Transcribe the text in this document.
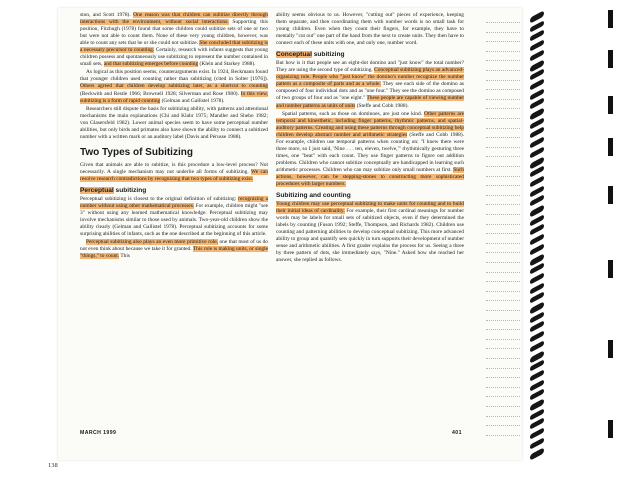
ston, and Scott 1978). One reason was that children can subitize directly through interactions with the environment, without social interactions. Supporting this position, Fitzhugh (1978) found that some children could subitize sets of one or two but were not able to count them. None of these very young children, however, was able to count any sets that he or she could not subitize. She concluded that subitizing is a necessary precursor to counting. Certainly, research with infants suggests that young children possess and spontaneously use subitizing to represent the number contained in small sets, and that subitizing emerges before counting (Klein and Starkey 1988).

As logical as this position seems, counterarguments exist. In 1924, Beckmann found that younger children used counting rather than subitizing (cited in Solter [1976]). Others agreed that children develop subitizing later, as a shortcut to counting (Beckwith and Restle 1966; Brownell 1928; Silverman and Rose 1980). In this view, subitizing is a form of rapid counting (Gelman and Gallistel 1978).

Researchers still dispute the basis for subitizing ability, with patterns and attentional mechanisms the main explanations (Chi and Klahr 1975; Mandler and Shebo 1982; von Glasersfeld 1982). Lower animal species seem to have some perceptual number abilities, but only birds and primates also have shown the ability to connect a subitized number with a written mark or an auditory label (Davis and Pérusse 1988).

Two Types of Subitizing

Given that animals are able to subitize, is this procedure a low-level process? Not necessarily. A single mechanism may not underlie all forms of subitizing. We can resolve research contradictions by recognizing that two types of subitizing exist.

Perceptual subitizing

Perceptual subitizing is closest to the original definition of subitizing: recognizing a number without using other mathematical processes. For example, children might "see 3" without using any learned mathematical knowledge. Perceptual subitizing may involve mechanisms similar to those used by animals. Two-year-old children show the ability clearly (Gelman and Gallistel 1978). Perceptual subitizing accounts for some surprising abilities of infants, such as the one described at the beginning of this article.

Perceptual subitizing also plays an even more primitive role, one that most of us do not even think about because we take it for granted. This role is making units, or single "things," to count. This

ability seems obvious to us. However, "cutting out" pieces of experience, keeping them separate, and then coordinating them with number words is no small task for young children. Even when they count their fingers, for example, they have to mentally "cut out" one part of the hand from the next to create units. They then have to connect each of these units with one, and only one, number word.

Conceptual subitizing

But how is it that people see an eight-dot domino and "just know" the total number? They are using the second type of subitizing. Conceptual subitizing plays an advanced-organizing role. People who "just know" the domino's number recognize the number pattern as a composite of parts and as a whole. They see each side of the domino as composed of four individual dots and as "one four." They see the domino as composed of two groups of four and as "one eight." These people are capable of viewing number and number patterns as units of units (Steffe and Cobb 1988).

Spatial patterns, such as those on dominoes, are just one kind. Other patterns are temporal and kinesthetic, including finger patterns, rhythmic patterns, and spatial-auditory patterns. Creating and using these patterns through conceptual subitizing help children develop abstract number and arithmetic strategies (Steffe and Cobb 1988). For example, children use temporal patterns when counting on: "I knew there were three more, so I just said, 'Nine . . . ten, eleven, twelve,'" rhythmically gesturing three times, one "beat" with each count. They use finger patterns to figure out addition problems. Children who cannot subitize conceptually are handicapped in learning such arithmetic processes. Children who can may subitize only small numbers at first. Such actions, however, can be stepping-stones to constructing more sophisticated procedures with larger numbers.

Subitizing and counting

Young children may use perceptual subitizing to make units for counting and to build their initial ideas of cardinality. For example, their first cardinal meanings for number words may be labels for small sets of subitized objects, even if they determined the labels by counting (Fuson 1992; Steffe, Thompson, and Richards 1982). Children use counting and patterning abilities to develop conceptual subitizing. This more advanced ability to group and quantify sets quickly in turn supports their development of number sense and arithmetic abilities. A first grader explains the process for us. Seeing a three by three pattern of dots, she immediately says, "Nine." Asked how she reached her answer, she replied as follows.

MARCH 1999	401
138
